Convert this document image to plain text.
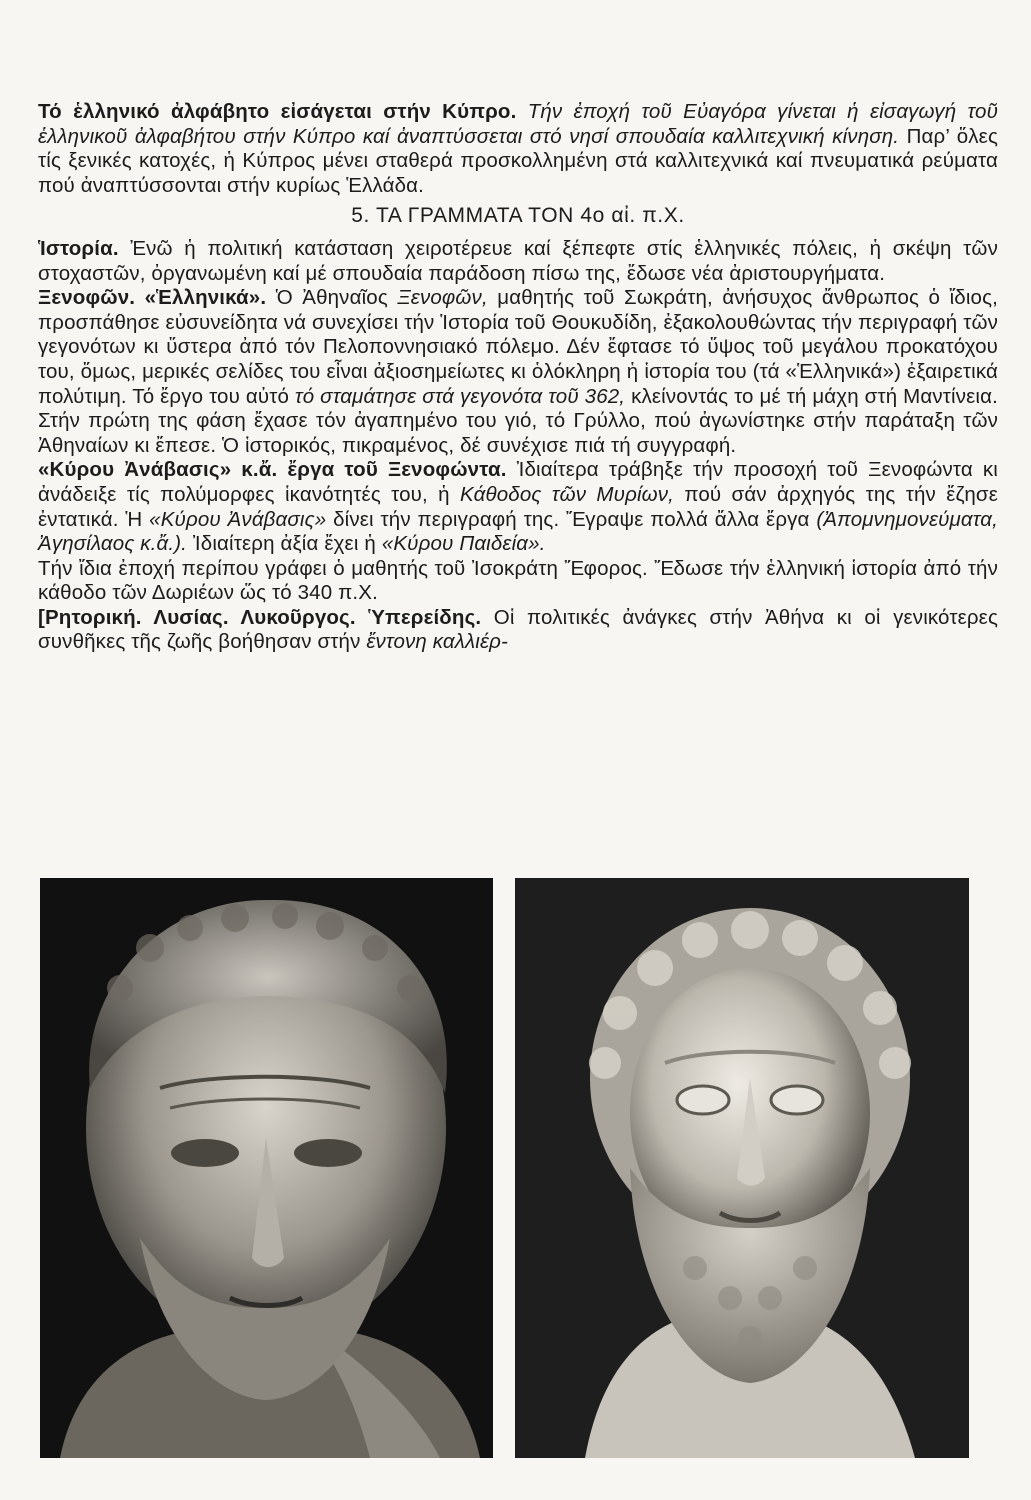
Τό ἑλληνικό ἀλφάβητο εἰσάγεται στήν Κύπρο. Τήν ἐποχή τοῦ Εὐαγόρα γίνεται ἡ εἰσαγωγή τοῦ ἑλληνικοῦ ἀλφαβήτου στήν Κύπρο καί ἀναπτύσσεται στό νησί σπουδαία καλλιτεχνική κίνηση. Παρ’ ὅλες τίς ξενικές κατοχές, ἡ Κύπρος μένει σταθερά προσκολλημένη στά καλλιτεχνικά καί πνευματικά ρεύματα πού ἀναπτύσσονται στήν κυρίως Ἑλλάδα.

5. ΤΑ ΓΡΑΜΜΑΤΑ ΤΟΝ 4ο αἰ. π.Χ.

Ἱστορία. Ἐνῶ ἡ πολιτική κατάσταση χειροτέρευε καί ξέπεφτε στίς ἑλληνικές πόλεις, ἡ σκέψη τῶν στοχαστῶν, ὀργανωμένη καί μέ σπουδαία παράδοση πίσω της, ἔδωσε νέα ἀριστουργήματα.

Ξενοφῶν. «Ἑλληνικά». Ὁ Ἀθηναῖος Ξενοφῶν, μαθητής τοῦ Σωκράτη, ἀνήσυχος ἄνθρωπος ὁ ἴδιος, προσπάθησε εὐσυνείδητα νά συνεχίσει τήν Ἱστορία τοῦ Θουκυδίδη, ἐξακολουθώντας τήν περιγραφή τῶν γεγονότων κι ὕστερα ἀπό τόν Πελοποννησιακό πόλεμο. Δέν ἔφτασε τό ὕψος τοῦ μεγάλου προκατόχου του, ὅμως, μερικές σελίδες του εἶναι ἀξιοσημείωτες κι ὁλόκληρη ἡ ἱστορία του (τά «Ἑλληνικά») ἐξαιρετικά πολύτιμη. Τό ἔργο του αὐτό τό σταμάτησε στά γεγονότα τοῦ 362, κλείνοντάς το μέ τή μάχη στή Μαντίνεια. Στήν πρώτη της φάση ἔχασε τόν ἀγαπημένο του γιό, τό Γρύλλο, πού ἀγωνίστηκε στήν παράταξη τῶν Ἀθηναίων κι ἔπεσε. Ὁ ἱστορικός, πικραμένος, δέ συνέχισε πιά τή συγγραφή.

«Κύρου Ἀνάβασις» κ.ἄ. ἔργα τοῦ Ξενοφώντα. Ἰδιαίτερα τράβηξε τήν προσοχή τοῦ Ξενοφώντα κι ἀνάδειξε τίς πολύμορφες ἱκανότητές του, ἡ Κάθοδος τῶν Μυρίων, πού σάν ἀρχηγός της τήν ἔζησε ἐντατικά. Ἡ «Κύρου Ἀνάβασις» δίνει τήν περιγραφή της. Ἔγραψε πολλά ἄλλα ἔργα (Ἀπομνημονεύματα, Ἀγησίλαος κ.ἄ.). Ἰδιαίτερη ἀξία ἔχει ἡ «Κύρου Παιδεία».
Τήν ἴδια ἐποχή περίπου γράφει ὁ μαθητής τοῦ Ἰσοκράτη Ἔφορος. Ἔδωσε τήν ἑλληνική ἱστορία ἀπό τήν κάθοδο τῶν Δωριέων ὥς τό 340 π.Χ.

[Ρητορική. Λυσίας. Λυκοῦργος. Ὑπερείδης. Οἱ πολιτικές ἀνάγκες στήν Ἀθήνα κι οἱ γενικότερες συνθῆκες τῆς ζωῆς βοήθησαν στήν ἔντονη καλλιέρ-
